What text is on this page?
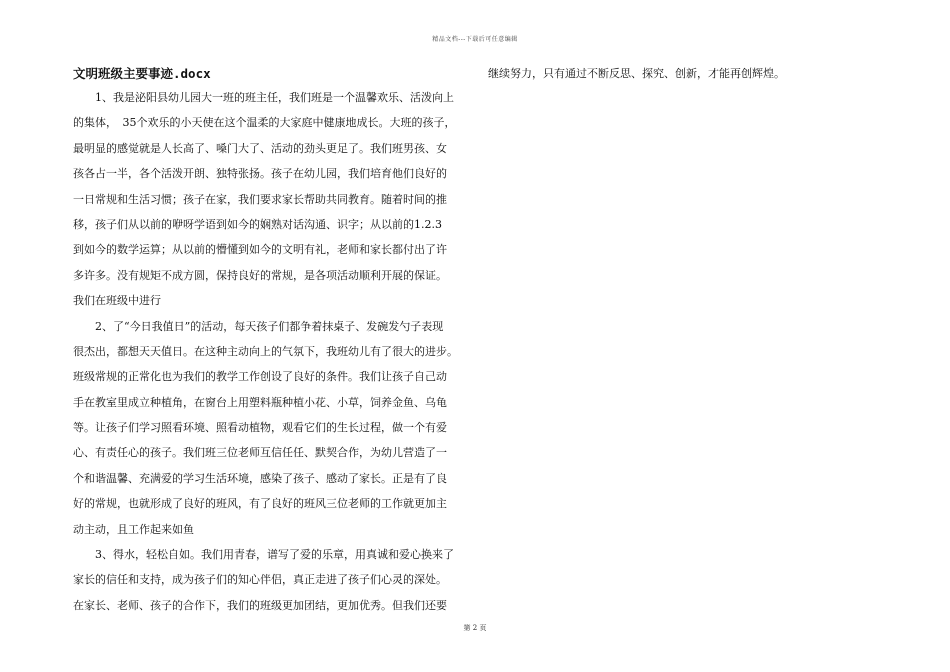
精品文档---下载后可任意编辑
文明班级主要事迹.docx

1、我是泌阳县幼儿园大一班的班主任，我们班是一个温馨欢乐、活泼向上

的集体，　35个欢乐的小天使在这个温柔的大家庭中健康地成长。大班的孩子，

最明显的感觉就是人长高了、嗓门大了、活动的劲头更足了。我们班男孩、女

孩各占一半，各个活泼开朗、独特张扬。孩子在幼儿园，我们培育他们良好的

一日常规和生活习惯；孩子在家，我们要求家长帮助共同教育。随着时间的推

移，孩子们从以前的咿呀学语到如今的娴熟对话沟通、识字；从以前的1.2.3

到如今的数学运算；从以前的懵懂到如今的文明有礼，老师和家长都付出了许

多许多。没有规矩不成方圆，保持良好的常规，是各项活动顺利开展的保证。

我们在班级中进行

2、了“今日我值日”的活动，每天孩子们都争着抹桌子、发碗发勺子表现

很杰出，都想天天值日。在这种主动向上的气氛下，我班幼儿有了很大的进步。

班级常规的正常化也为我们的教学工作创设了良好的条件。我们让孩子自己动

手在教室里成立种植角，在窗台上用塑料瓶种植小花、小草，饲养金鱼、乌龟

等。让孩子们学习照看环境、照看动植物，观看它们的生长过程，做一个有爱

心、有责任心的孩子。我们班三位老师互信任任、默契合作，为幼儿营造了一

个和谐温馨、充满爱的学习生活环境，感染了孩子、感动了家长。正是有了良

好的常规，也就形成了良好的班风，有了良好的班风三位老师的工作就更加主

动主动，且工作起来如鱼

3、得水，轻松自如。我们用青春，谱写了爱的乐章，用真诚和爱心换来了

家长的信任和支持，成为孩子们的知心伴侣，真正走进了孩子们心灵的深处。

在家长、老师、孩子的合作下，我们的班级更加团结，更加优秀。但我们还要

继续努力，只有通过不断反思、探究、创新，才能再创辉煌。

第 2 页
